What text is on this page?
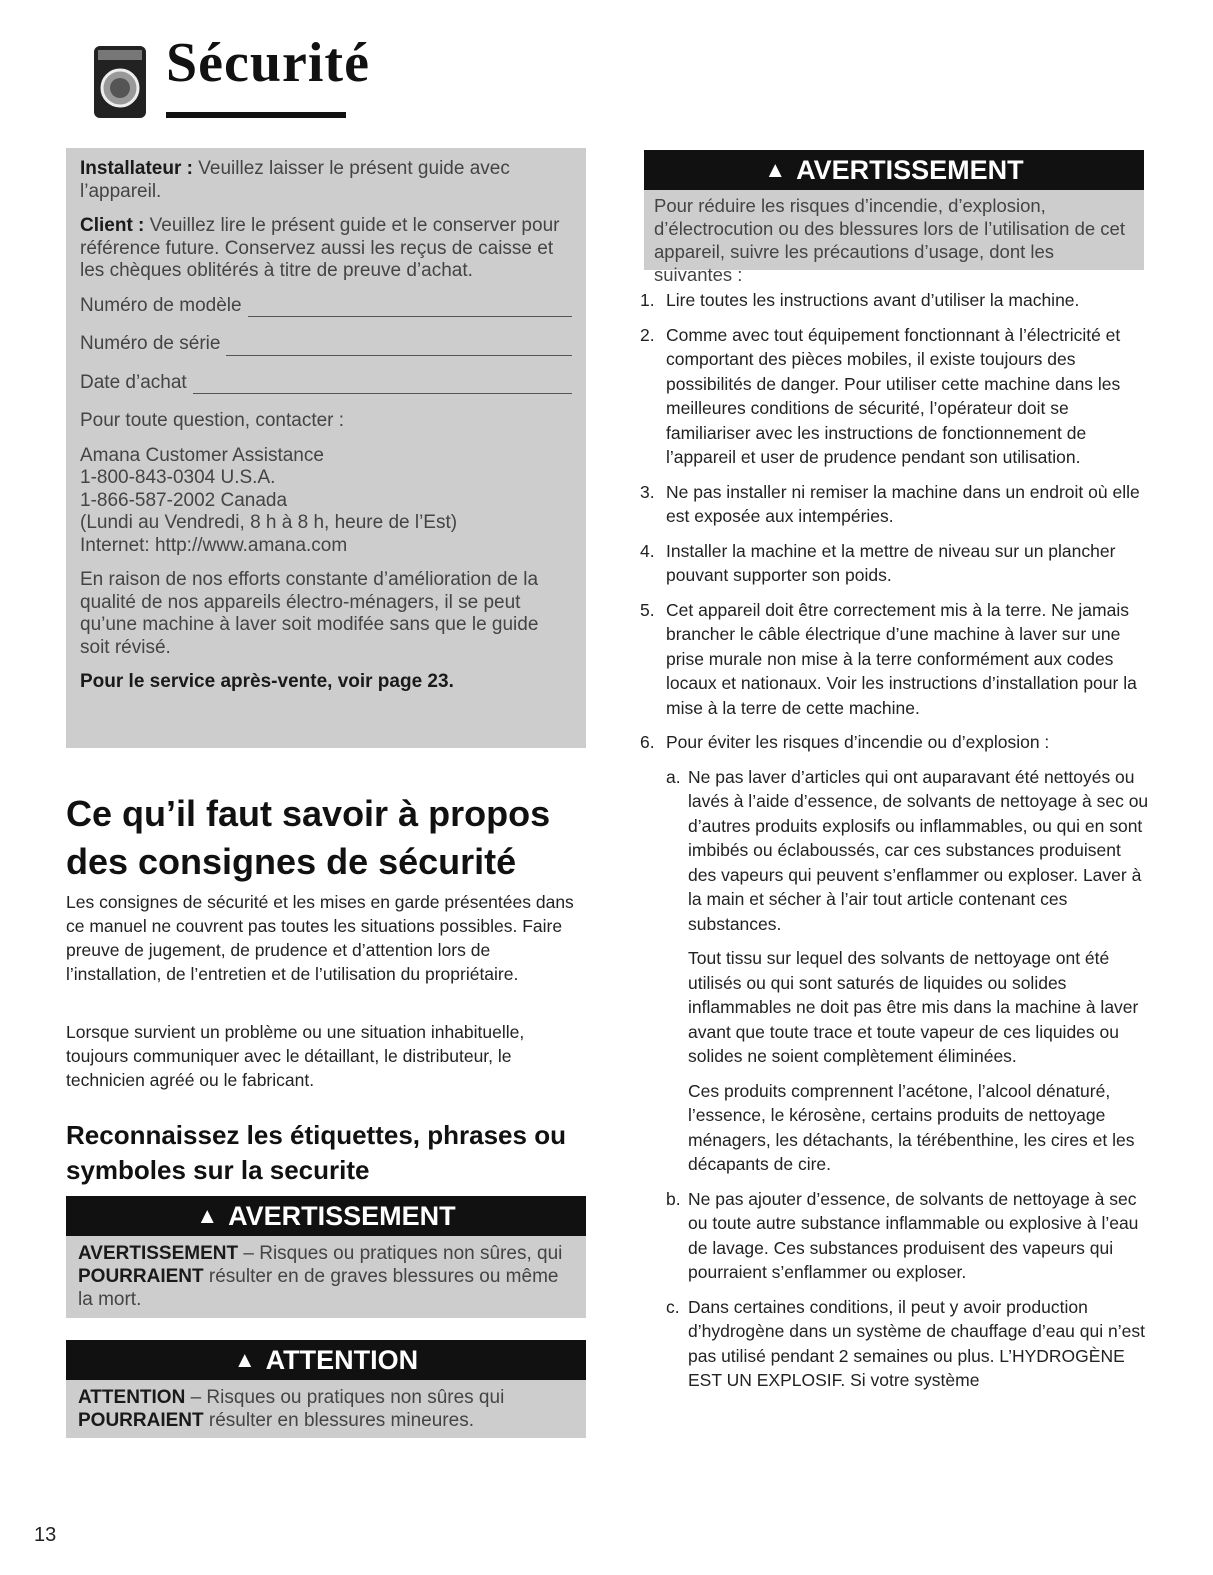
Sécurité

Installateur : Veuillez laisser le présent guide avec l’appareil.

Client : Veuillez lire le présent guide et le conserver pour référence future. Conservez aussi les reçus de caisse et les chèques oblitérés à titre de preuve d’achat.

Numéro de modèle
Numéro de série
Date d’achat

Pour toute question, contacter :

Amana Customer Assistance
1-800-843-0304 U.S.A.
1-866-587-2002 Canada
(Lundi au Vendredi, 8 h à 8 h, heure de l’Est)
Internet: http://www.amana.com

En raison de nos efforts constante d’amélioration de la qualité de nos appareils électro-ménagers, il se peut qu’une machine à laver soit modifée sans que le guide soit révisé.

Pour le service après-vente, voir page 23.

Ce qu’il faut savoir à propos des consignes de sécurité
Les consignes de sécurité et les mises en garde présentées dans ce manuel ne couvrent pas toutes les situations possibles. Faire preuve de jugement, de prudence et d’attention lors de l’installation, de l’entretien et de l’utilisation du propriétaire.
Lorsque survient un problème ou une situation inhabituelle, toujours communiquer avec le détaillant, le distributeur, le technicien agréé ou le fabricant.
Reconnaissez les étiquettes, phrases ou symboles sur la securite
▲ AVERTISSEMENT
AVERTISSEMENT – Risques ou pratiques non sûres, qui POURRAIENT résulter en de graves blessures ou même la mort.
▲ ATTENTION
ATTENTION – Risques ou pratiques non sûres qui POURRAIENT résulter en blessures mineures.
▲ AVERTISSEMENT
Pour réduire les risques d’incendie, d’explosion, d’électrocution ou des blessures lors de l’utilisation de cet appareil, suivre les précautions d’usage, dont les suivantes :
1. Lire toutes les instructions avant d’utiliser la machine.
2. Comme avec tout équipement fonctionnant à l’électricité et comportant des pièces mobiles, il existe toujours des possibilités de danger. Pour utiliser cette machine dans les meilleures conditions de sécurité, l’opérateur doit se familiariser avec les instructions de fonctionnement de l’appareil et user de prudence pendant son utilisation.
3. Ne pas installer ni remiser la machine dans un endroit où elle est exposée aux intempéries.
4. Installer la machine et la mettre de niveau sur un plancher pouvant supporter son poids.
5. Cet appareil doit être correctement mis à la terre. Ne jamais brancher le câble électrique d’une machine à laver sur une prise murale non mise à la terre conformément aux codes locaux et nationaux. Voir les instructions d’installation pour la mise à la terre de cette machine.
6. Pour éviter les risques d’incendie ou d’explosion :
a. Ne pas laver d’articles qui ont auparavant été nettoyés ou lavés à l’aide d’essence, de solvants de nettoyage à sec ou d’autres produits explosifs ou inflammables, ou qui en sont imbibés ou éclaboussés, car ces substances produisent des vapeurs qui peuvent s’enflammer ou exploser. Laver à la main et sécher à l’air tout article contenant ces substances.
Tout tissu sur lequel des solvants de nettoyage ont été utilisés ou qui sont saturés de liquides ou solides inflammables ne doit pas être mis dans la machine à laver avant que toute trace et toute vapeur de ces liquides ou solides ne soient complètement éliminées.
Ces produits comprennent l’acétone, l’alcool dénaturé, l’essence, le kérosène, certains produits de nettoyage ménagers, les détachants, la térébenthine, les cires et les décapants de cire.
b. Ne pas ajouter d’essence, de solvants de nettoyage à sec ou toute autre substance inflammable ou explosive à l’eau de lavage. Ces substances produisent des vapeurs qui pourraient s’enflammer ou exploser.
c. Dans certaines conditions, il peut y avoir production d’hydrogène dans un système de chauffage d’eau qui n’est pas utilisé pendant 2 semaines ou plus. L’HYDROGÈNE EST UN EXPLOSIF. Si votre système
13
